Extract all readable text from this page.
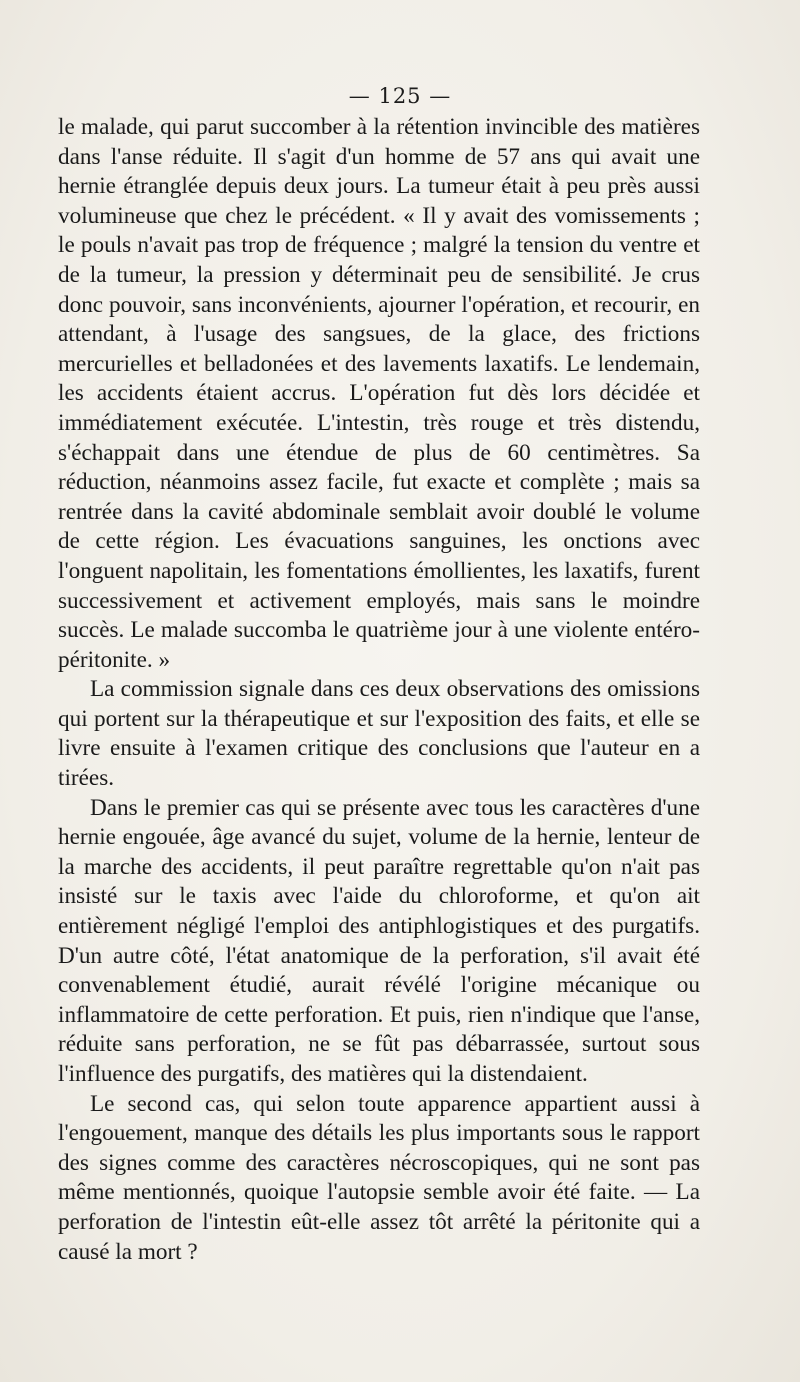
— 125 —

le malade, qui parut succomber à la rétention invincible des matières dans l'anse réduite. Il s'agit d'un homme de 57 ans qui avait une hernie étranglée depuis deux jours. La tumeur était à peu près aussi volumineuse que chez le précédent. « Il y avait des vomissements ; le pouls n'avait pas trop de fréquence ; malgré la tension du ventre et de la tumeur, la pression y déterminait peu de sensibilité. Je crus donc pouvoir, sans inconvénients, ajourner l'opération, et recourir, en attendant, à l'usage des sangsues, de la glace, des frictions mercurielles et belladonées et des lavements laxatifs. Le lendemain, les accidents étaient accrus. L'opération fut dès lors décidée et immédiatement exécutée. L'intestin, très rouge et très distendu, s'échappait dans une étendue de plus de 60 centimètres. Sa réduction, néanmoins assez facile, fut exacte et complète ; mais sa rentrée dans la cavité abdominale semblait avoir doublé le volume de cette région. Les évacuations sanguines, les onctions avec l'onguent napolitain, les fomentations émollientes, les laxatifs, furent successivement et activement employés, mais sans le moindre succès. Le malade succomba le quatrième jour à une violente entéro-péritonite. »

La commission signale dans ces deux observations des omissions qui portent sur la thérapeutique et sur l'exposition des faits, et elle se livre ensuite à l'examen critique des conclusions que l'auteur en a tirées.

Dans le premier cas qui se présente avec tous les caractères d'une hernie engouée, âge avancé du sujet, volume de la hernie, lenteur de la marche des accidents, il peut paraître regrettable qu'on n'ait pas insisté sur le taxis avec l'aide du chloroforme, et qu'on ait entièrement négligé l'emploi des antiphlogistiques et des purgatifs. D'un autre côté, l'état anatomique de la perforation, s'il avait été convenablement étudié, aurait révélé l'origine mécanique ou inflammatoire de cette perforation. Et puis, rien n'indique que l'anse, réduite sans perforation, ne se fût pas débarrassée, surtout sous l'influence des purgatifs, des matières qui la distendaient.

Le second cas, qui selon toute apparence appartient aussi à l'engouement, manque des détails les plus importants sous le rapport des signes comme des caractères nécroscopiques, qui ne sont pas même mentionnés, quoique l'autopsie semble avoir été faite. — La perforation de l'intestin eût-elle assez tôt arrêté la péritonite qui a causé la mort ?
